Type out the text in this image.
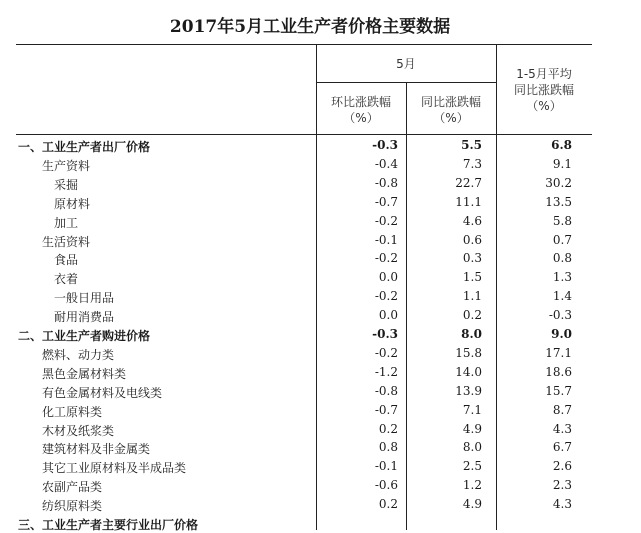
2017年5月工业生产者价格主要数据
5月
环比涨跌幅
（%）
同比涨跌幅
（%）
1-5月平均
同比涨跌幅
（%）
一、工业生产者出厂价格	-0.3	5.5	6.8
生产资料	-0.4	7.3	9.1
采掘	-0.8	22.7	30.2
原材料	-0.7	11.1	13.5
加工	-0.2	4.6	5.8
生活资料	-0.1	0.6	0.7
食品	-0.2	0.3	0.8
衣着	0.0	1.5	1.3
一般日用品	-0.2	1.1	1.4
耐用消费品	0.0	0.2	-0.3
二、工业生产者购进价格	-0.3	8.0	9.0
燃料、动力类	-0.2	15.8	17.1
黑色金属材料类	-1.2	14.0	18.6
有色金属材料及电线类	-0.8	13.9	15.7
化工原料类	-0.7	7.1	8.7
木材及纸浆类	0.2	4.9	4.3
建筑材料及非金属类	0.8	8.0	6.7
其它工业原材料及半成品类	-0.1	2.5	2.6
农副产品类	-0.6	1.2	2.3
纺织原料类	0.2	4.9	4.3
三、工业生产者主要行业出厂价格
